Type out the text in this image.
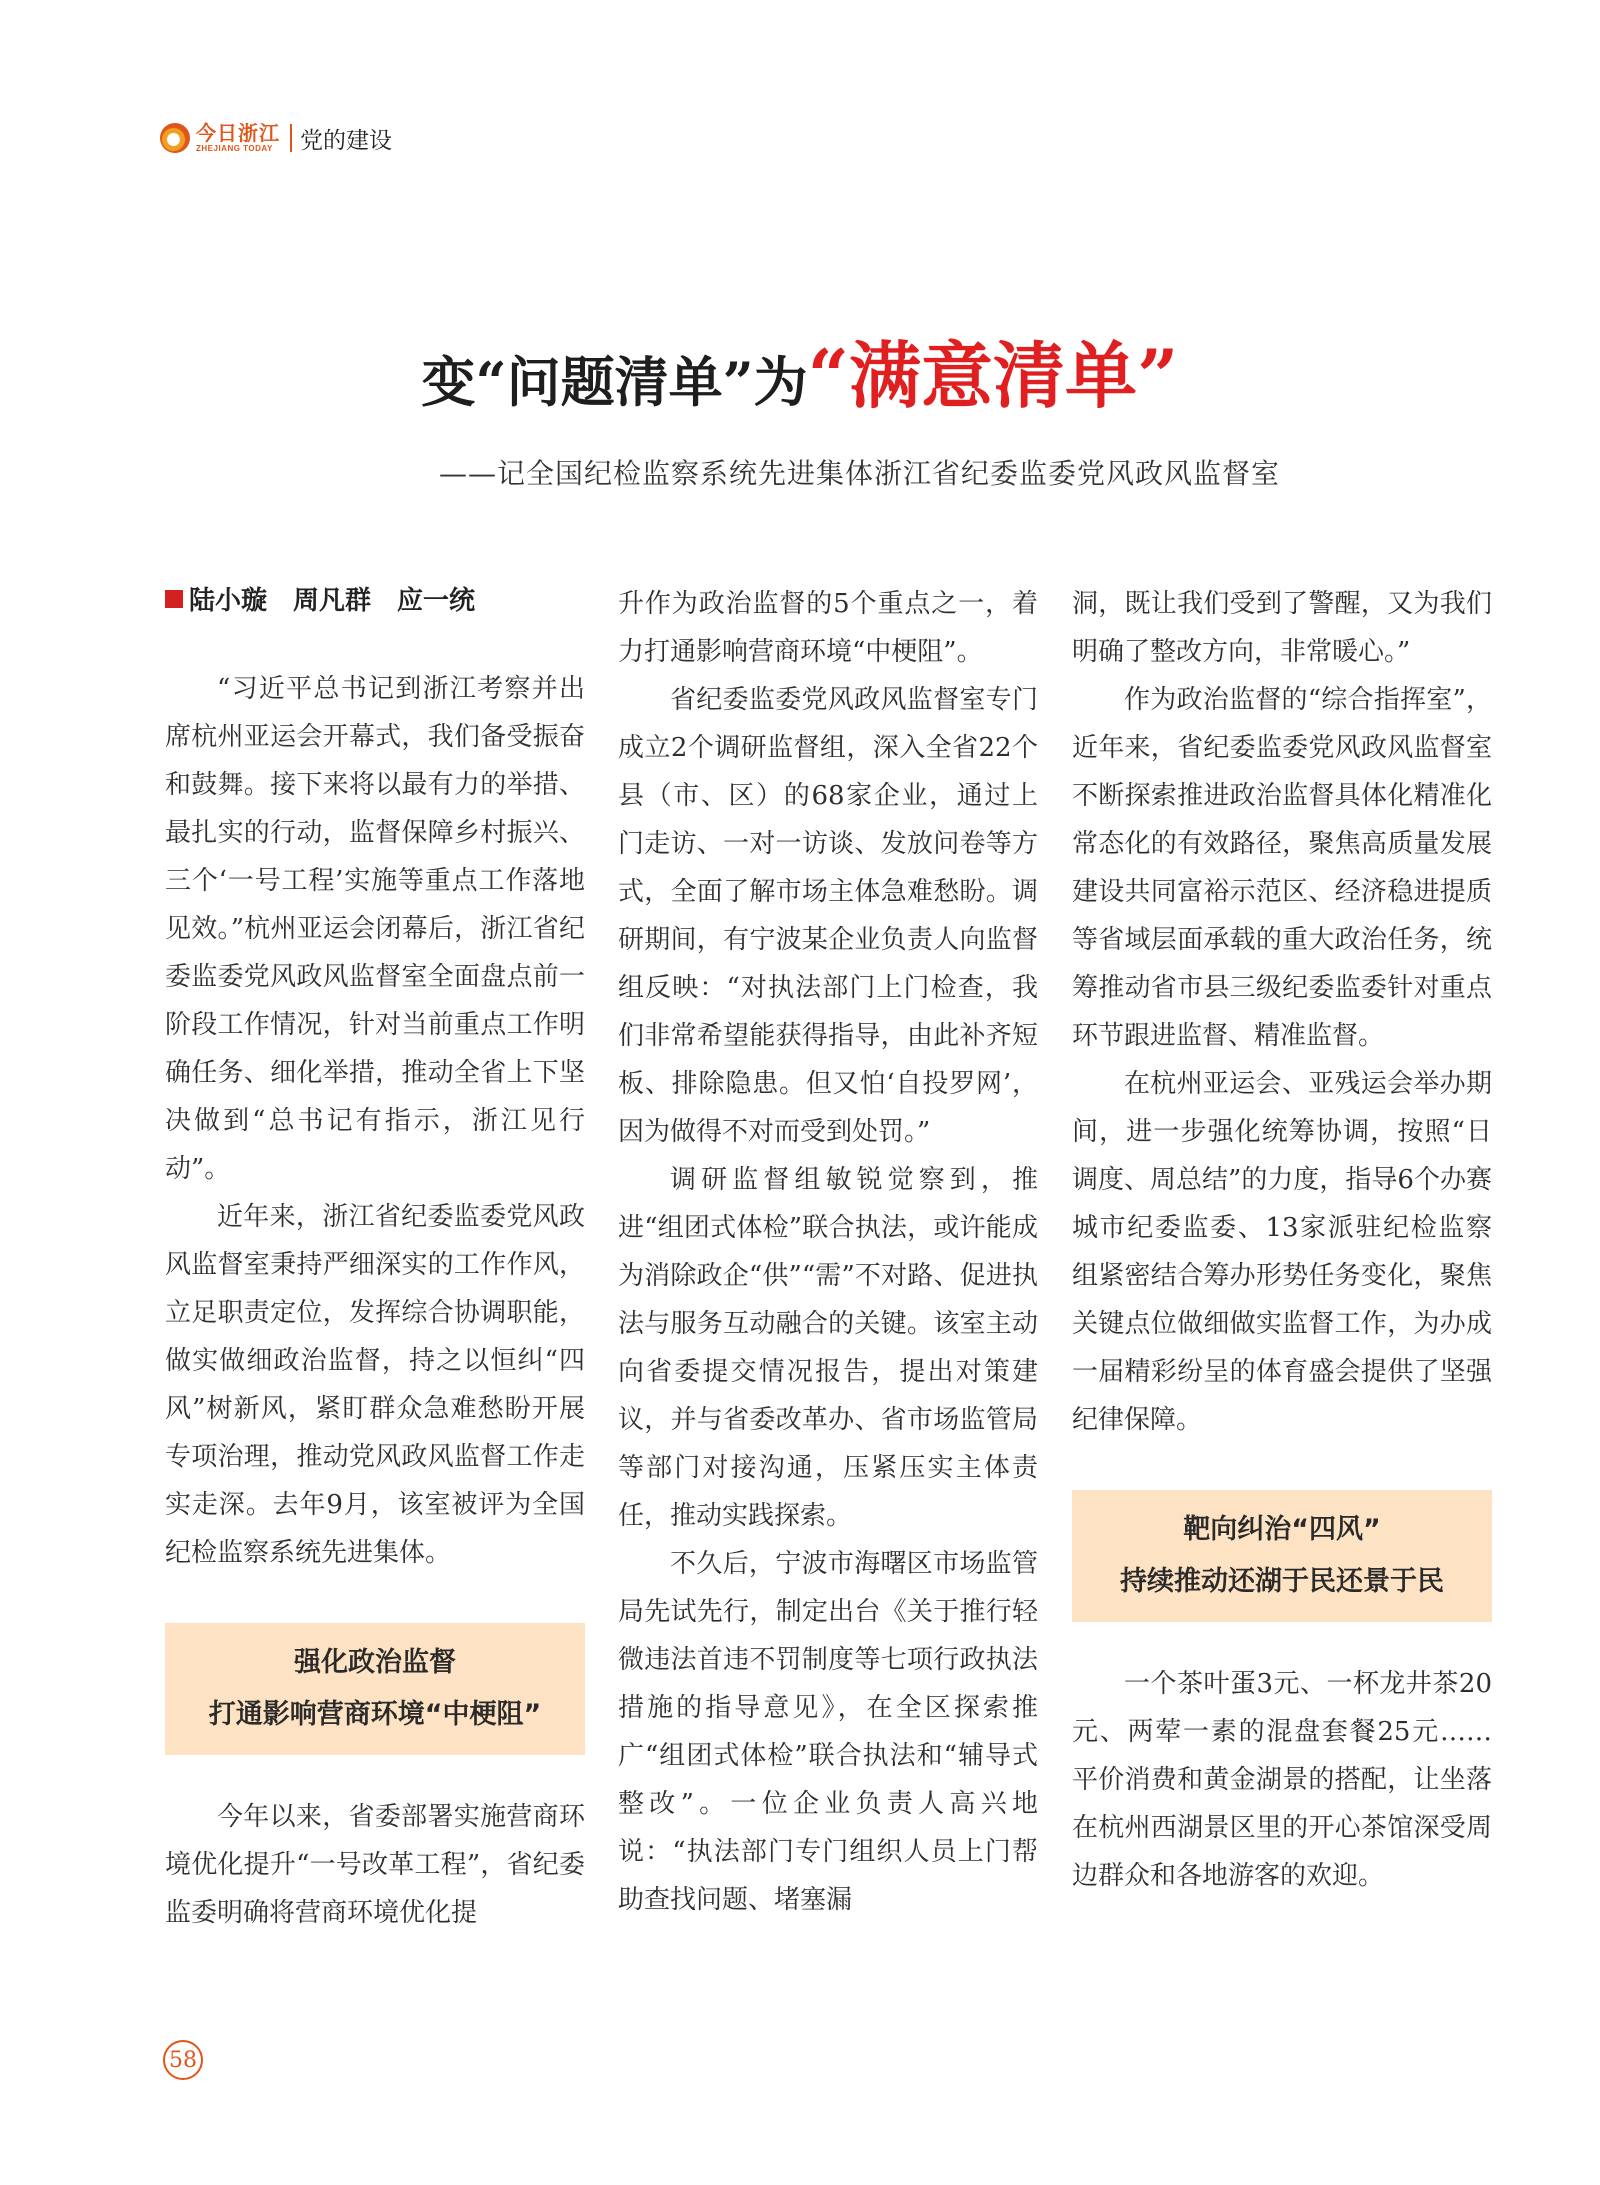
今日浙江
ZHEJIANG TODAY	党的建设
变“问题清单”为“满意清单”
——记全国纪检监察系统先进集体浙江省纪委监委党风政风监督室
陆小璇　周凡群　应一统

“习近平总书记到浙江考察并出席杭州亚运会开幕式，我们备受振奋和鼓舞。接下来将以最有力的举措、最扎实的行动，监督保障乡村振兴、三个‘一号工程’实施等重点工作落地见效。”杭州亚运会闭幕后，浙江省纪委监委党风政风监督室全面盘点前一阶段工作情况，针对当前重点工作明确任务、细化举措，推动全省上下坚决做到“总书记有指示，浙江见行动”。

近年来，浙江省纪委监委党风政风监督室秉持严细深实的工作作风，立足职责定位，发挥综合协调职能，做实做细政治监督，持之以恒纠“四风”树新风，紧盯群众急难愁盼开展专项治理，推动党风政风监督工作走实走深。去年9月，该室被评为全国纪检监察系统先进集体。

强化政治监督
打通影响营商环境“中梗阻”

今年以来，省委部署实施营商环境优化提升“一号改革工程”，省纪委监委明确将营商环境优化提

升作为政治监督的5个重点之一，着力打通影响营商环境“中梗阻”。

省纪委监委党风政风监督室专门成立2个调研监督组，深入全省22个县（市、区）的68家企业，通过上门走访、一对一访谈、发放问卷等方式，全面了解市场主体急难愁盼。调研期间，有宁波某企业负责人向监督组反映：“对执法部门上门检查，我们非常希望能获得指导，由此补齐短板、排除隐患。但又怕‘自投罗网’，因为做得不对而受到处罚。”

调研监督组敏锐觉察到，推进“组团式体检”联合执法，或许能成为消除政企“供”“需”不对路、促进执法与服务互动融合的关键。该室主动向省委提交情况报告，提出对策建议，并与省委改革办、省市场监管局等部门对接沟通，压紧压实主体责任，推动实践探索。

不久后，宁波市海曙区市场监管局先试先行，制定出台《关于推行轻微违法首违不罚制度等七项行政执法措施的指导意见》，在全区探索推广“组团式体检”联合执法和“辅导式整改”。一位企业负责人高兴地说：“执法部门专门组织人员上门帮助查找问题、堵塞漏

洞，既让我们受到了警醒，又为我们明确了整改方向，非常暖心。”

作为政治监督的“综合指挥室”，近年来，省纪委监委党风政风监督室不断探索推进政治监督具体化精准化常态化的有效路径，聚焦高质量发展建设共同富裕示范区、经济稳进提质等省域层面承载的重大政治任务，统筹推动省市县三级纪委监委针对重点环节跟进监督、精准监督。

在杭州亚运会、亚残运会举办期间，进一步强化统筹协调，按照“日调度、周总结”的力度，指导6个办赛城市纪委监委、13家派驻纪检监察组紧密结合筹办形势任务变化，聚焦关键点位做细做实监督工作，为办成一届精彩纷呈的体育盛会提供了坚强纪律保障。

靶向纠治“四风”
持续推动还湖于民还景于民

一个茶叶蛋3元、一杯龙井茶20元、两荤一素的混盘套餐25元……平价消费和黄金湖景的搭配，让坐落在杭州西湖景区里的开心茶馆深受周边群众和各地游客的欢迎。

58
